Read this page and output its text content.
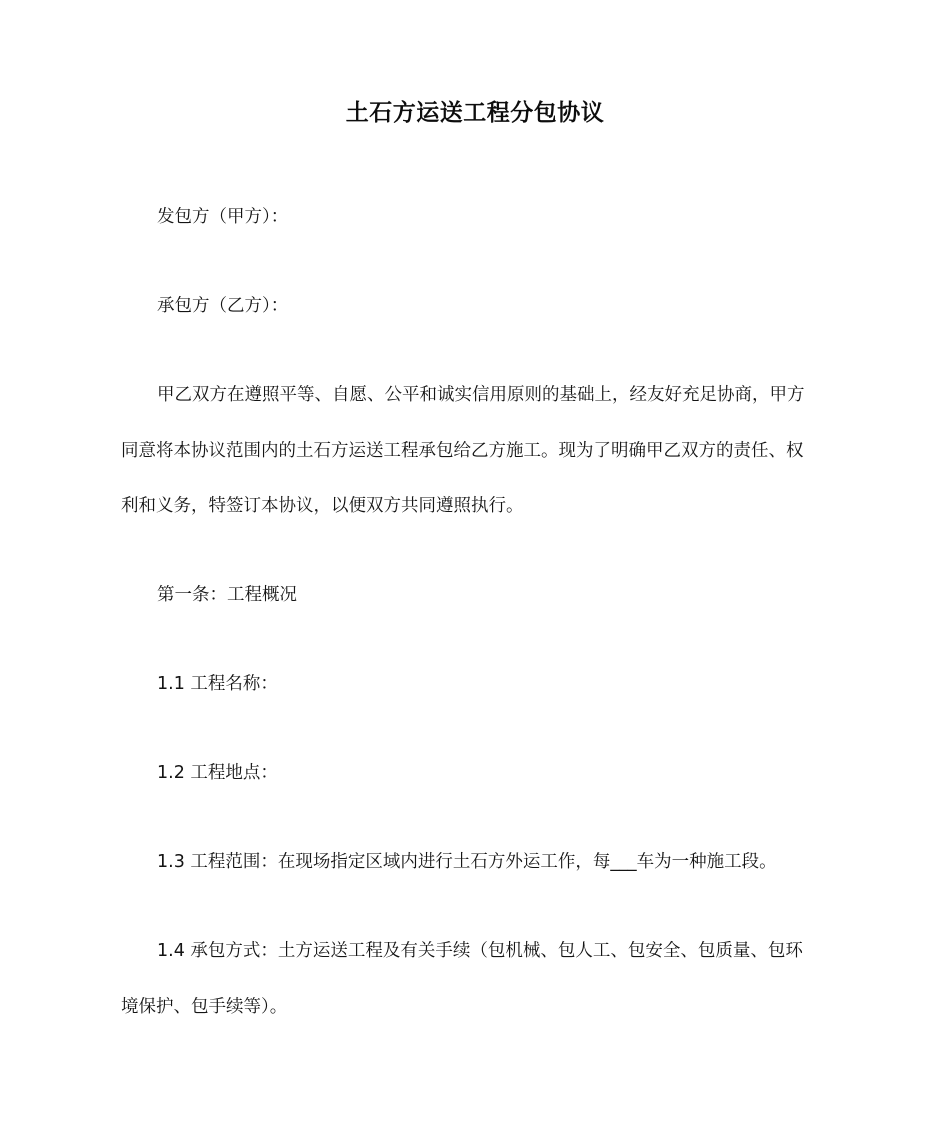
土石方运送工程分包协议
发包方（甲方）：
承包方（乙方）：
甲乙双方在遵照平等、自愿、公平和诚实信用原则的基础上，经友好充足协商，甲方
同意将本协议范围内的土石方运送工程承包给乙方施工。现为了明确甲乙双方的责任、权
利和义务，特签订本协议，以便双方共同遵照执行。
第一条：工程概况
1.1 工程名称：
1.2 工程地点：
1.3 工程范围：在现场指定区域内进行土石方外运工作，每___车为一种施工段。
1.4 承包方式：土方运送工程及有关手续（包机械、包人工、包安全、包质量、包环
境保护、包手续等）。
